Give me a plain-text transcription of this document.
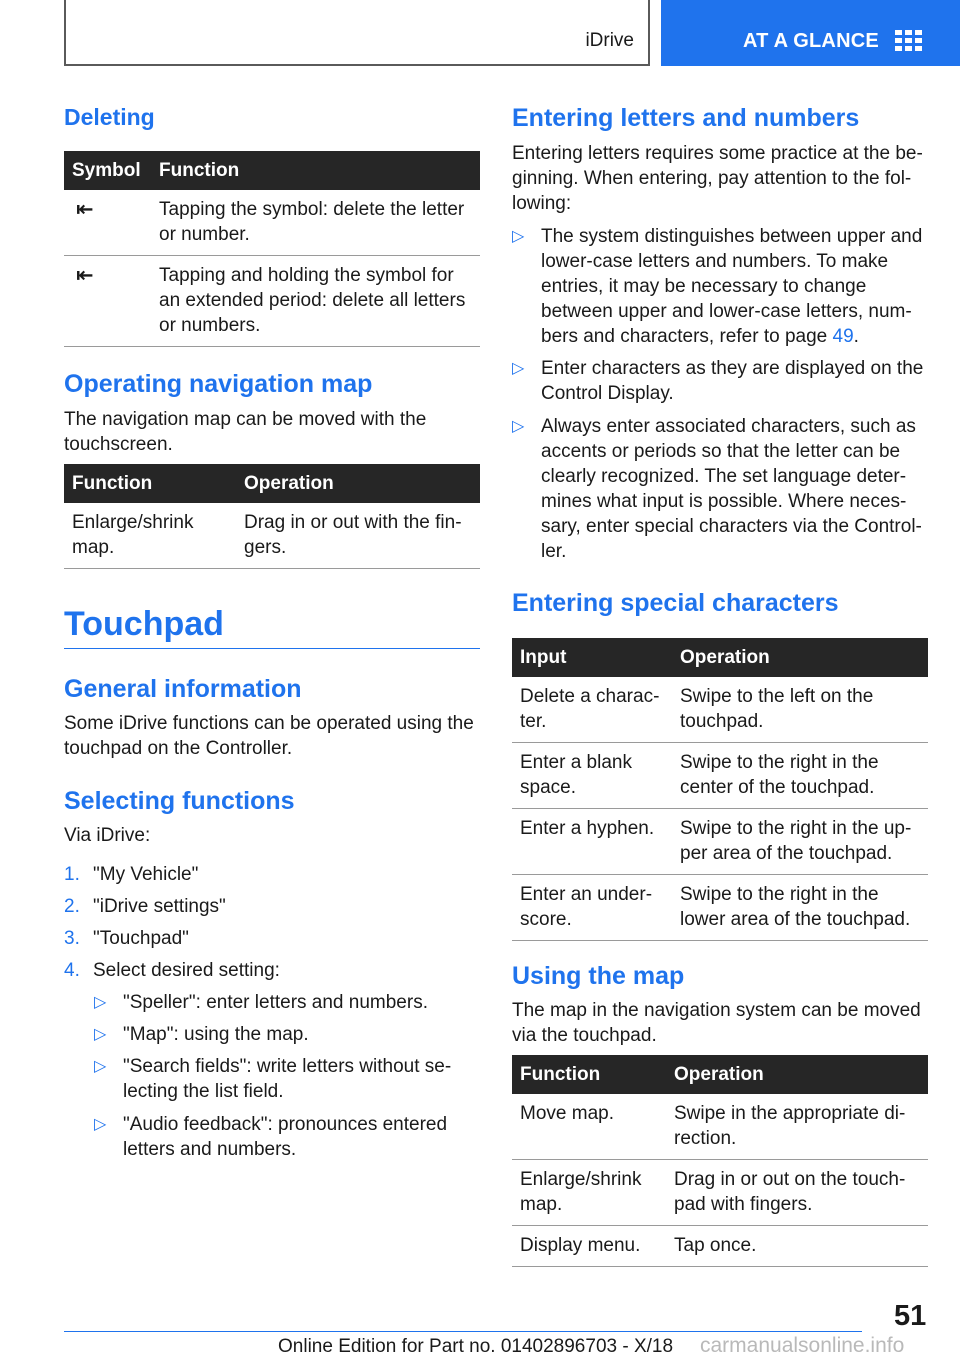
iDrive	AT A GLANCE
Deleting
Symbol	Function
⇤	Tapping the symbol: delete the letter or number.
⇤	Tapping and holding the symbol for an extended period: delete all letters or numbers.
Operating navigation map
The navigation map can be moved with the touchscreen.
Function	Operation
Enlarge/shrink map.	Drag in or out with the fin-gers.
Touchpad
General information
Some iDrive functions can be operated using the touchpad on the Controller.
Selecting functions
Via iDrive:
1. "My Vehicle"
2. "iDrive settings"
3. "Touchpad"
4. Select desired setting:
▷ "Speller": enter letters and numbers.
▷ "Map": using the map.
▷ "Search fields": write letters without se-lecting the list field.
▷ "Audio feedback": pronounces entered letters and numbers.
Entering letters and numbers
Entering letters requires some practice at the be-ginning. When entering, pay attention to the fol-lowing:
▷ The system distinguishes between upper and lower-case letters and numbers. To make entries, it may be necessary to change between upper and lower-case letters, num-bers and characters, refer to page 49.
▷ Enter characters as they are displayed on the Control Display.
▷ Always enter associated characters, such as accents or periods so that the letter can be clearly recognized. The set language deter-mines what input is possible. Where neces-sary, enter special characters via the Control-ler.
Entering special characters
Input	Operation
Delete a charac-ter.	Swipe to the left on the touchpad.
Enter a blank space.	Swipe to the right in the center of the touchpad.
Enter a hyphen.	Swipe to the right in the up-per area of the touchpad.
Enter an under-score.	Swipe to the right in the lower area of the touchpad.
Using the map
The map in the navigation system can be moved via the touchpad.
Function	Operation
Move map.	Swipe in the appropriate di-rection.
Enlarge/shrink map.	Drag in or out on the touch-pad with fingers.
Display menu.	Tap once.
51
Online Edition for Part no. 01402896703 - X/18 carmanualsonline.info
